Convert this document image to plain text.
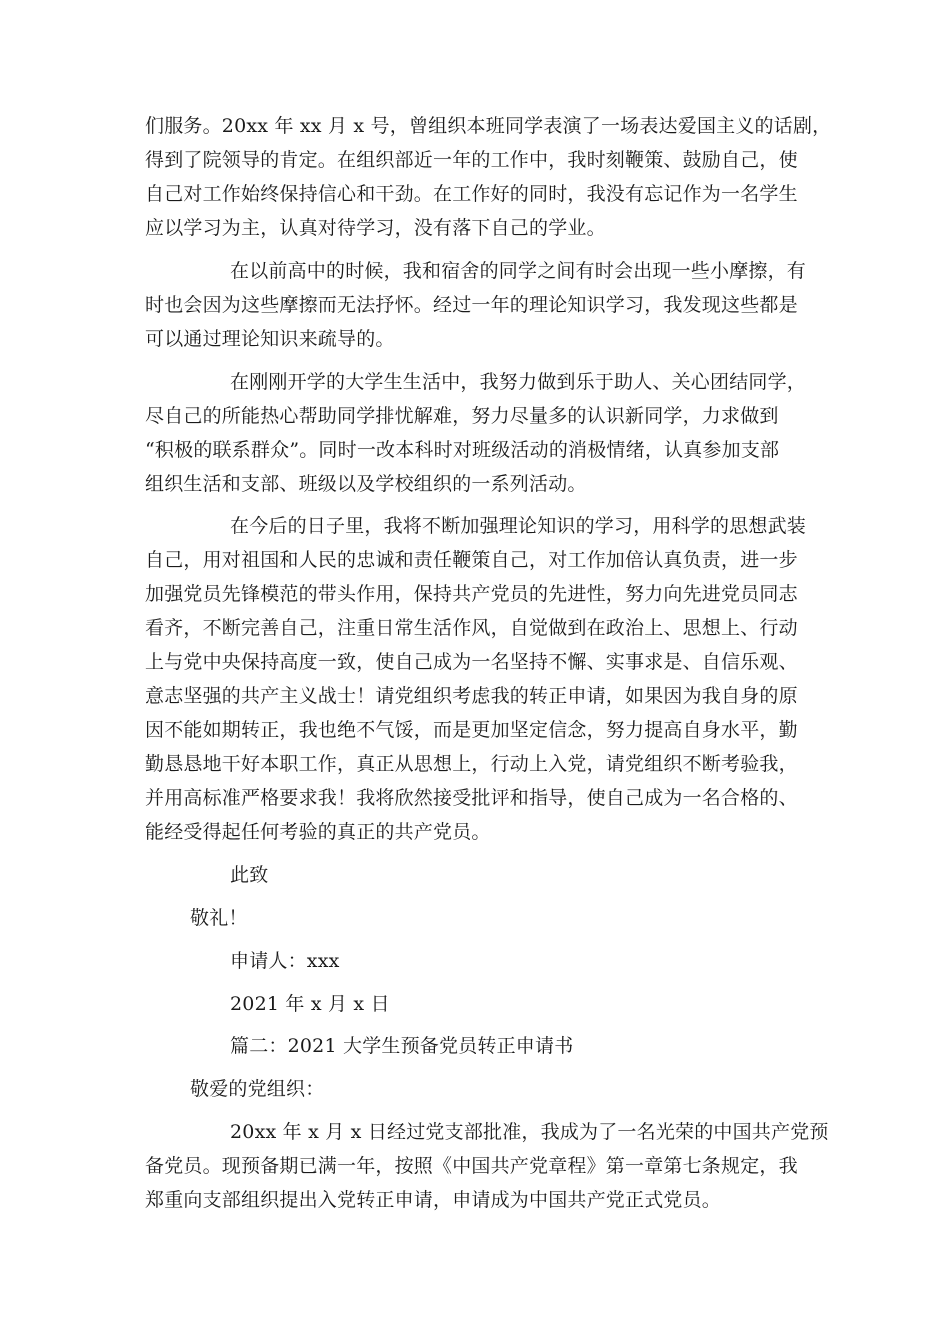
们服务。20xx 年 xx 月 x 号，曾组织本班同学表演了一场表达爱国主义的话剧，
得到了院领导的肯定。在组织部近一年的工作中，我时刻鞭策、鼓励自己，使
自己对工作始终保持信心和干劲。在工作好的同时，我没有忘记作为一名学生
应以学习为主，认真对待学习，没有落下自己的学业。
在以前高中的时候，我和宿舍的同学之间有时会出现一些小摩擦，有
时也会因为这些摩擦而无法抒怀。经过一年的理论知识学习，我发现这些都是
可以通过理论知识来疏导的。
在刚刚开学的大学生生活中，我努力做到乐于助人、关心团结同学，
尽自己的所能热心帮助同学排忧解难，努力尽量多的认识新同学，力求做到
“积极的联系群众”。同时一改本科时对班级活动的消极情绪，认真参加支部
组织生活和支部、班级以及学校组织的一系列活动。
在今后的日子里，我将不断加强理论知识的学习，用科学的思想武装
自己，用对祖国和人民的忠诚和责任鞭策自己，对工作加倍认真负责，进一步
加强党员先锋模范的带头作用，保持共产党员的先进性，努力向先进党员同志
看齐，不断完善自己，注重日常生活作风，自觉做到在政治上、思想上、行动
上与党中央保持高度一致，使自己成为一名坚持不懈、实事求是、自信乐观、
意志坚强的共产主义战士！请党组织考虑我的转正申请，如果因为我自身的原
因不能如期转正，我也绝不气馁，而是更加坚定信念，努力提高自身水平，勤
勤恳恳地干好本职工作，真正从思想上，行动上入党，请党组织不断考验我，
并用高标准严格要求我！我将欣然接受批评和指导，使自己成为一名合格的、
能经受得起任何考验的真正的共产党员。
此致
敬礼！
申请人：xxx
2021 年 x 月 x 日
篇二：2021 大学生预备党员转正申请书
敬爱的党组织：
20xx 年 x 月 x 日经过党支部批准，我成为了一名光荣的中国共产党预
备党员。现预备期已满一年，按照《中国共产党章程》第一章第七条规定，我
郑重向支部组织提出入党转正申请，申请成为中国共产党正式党员。
